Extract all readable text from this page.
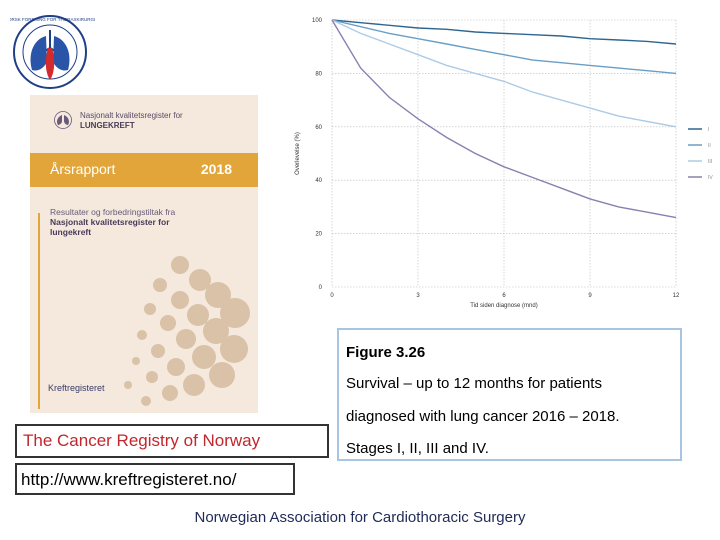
NORSK FORENING FOR THORAXKIRURGI
Nasjonalt kvalitetsregister for
LUNGEKREFT
Årsrapport	2018
Resultater og forbedringstiltak fra
Nasjonalt kvalitetsregister for
lungekreft
Kreftregisteret
0	3	6	9	12
0
20
40
60
80
100
Tid siden diagnose (mnd)
Overlevelse (%)
I
II
III
IV
Figure 3.26
Survival – up to 12 months for patients
diagnosed with lung cancer 2016 – 2018.
Stages I, II, III and IV.
The Cancer Registry of Norway
http://www.kreftregisteret.no/
Norwegian Association for Cardiothoracic Surgery
